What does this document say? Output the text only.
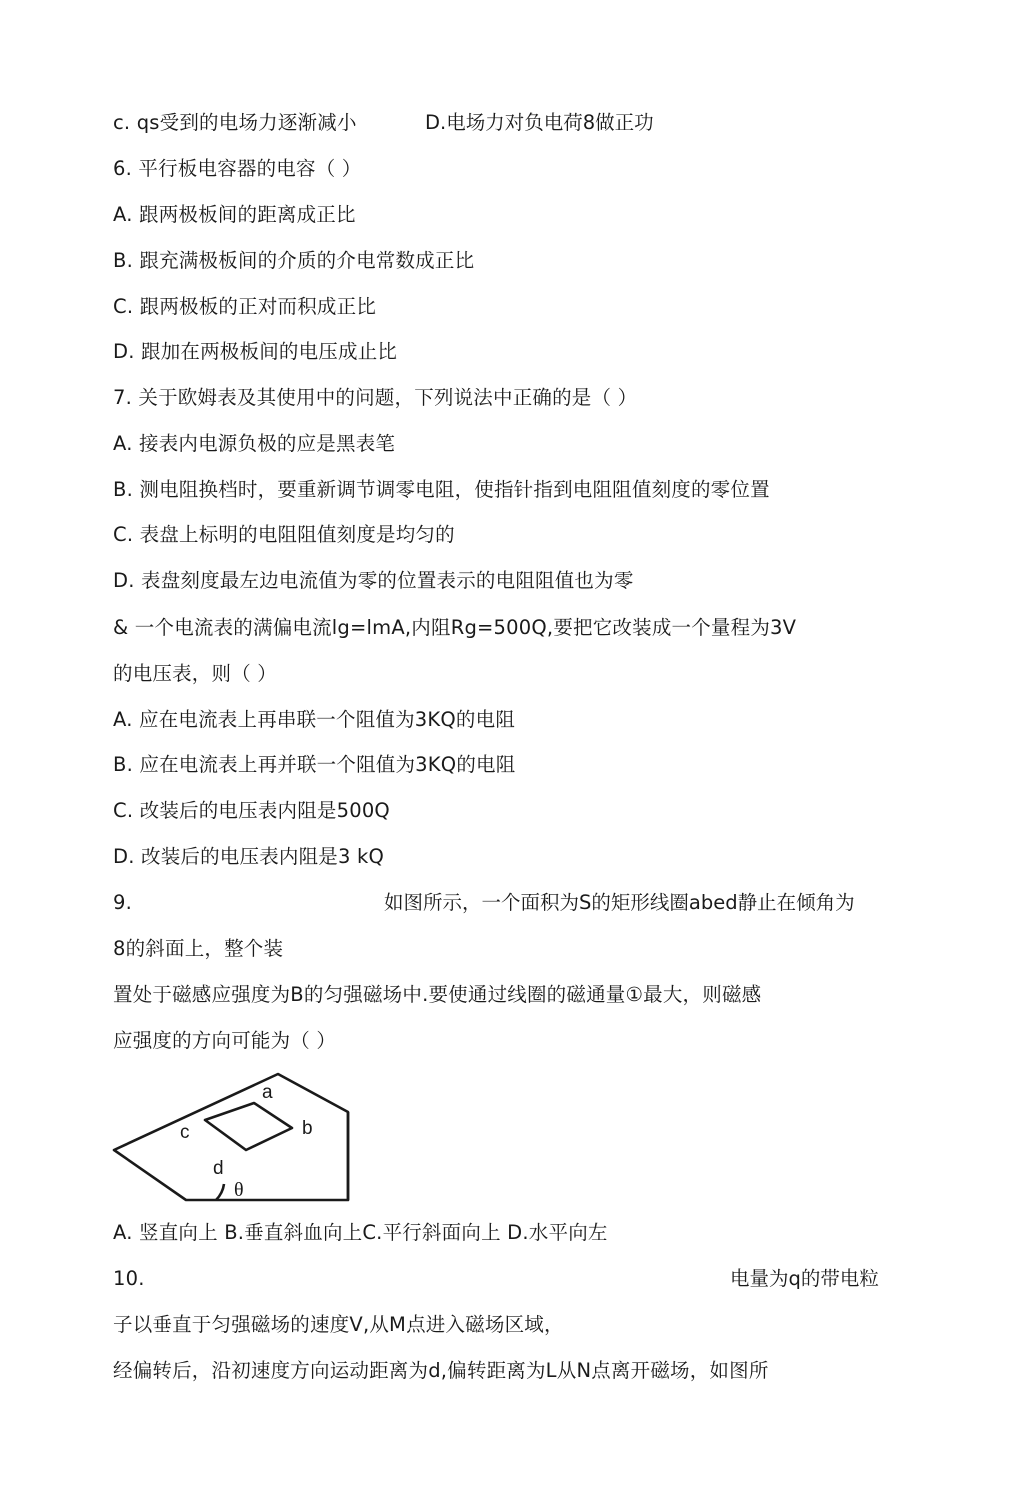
c. qs受到的电场力逐渐减小	D.电场力对负电荷8做正功
6. 平行板电容器的电容（ ）
A. 跟两极板间的距离成正比
B. 跟充满极板间的介质的介电常数成正比
C. 跟两极板的正对而积成正比
D. 跟加在两极板间的电压成止比
7. 关于欧姆表及其使用中的问题，下列说法中正确的是（ ）
A. 接表内电源负极的应是黑表笔
B. 测电阻换档时，要重新调节调零电阻，使指针指到电阻阻值刻度的零位置
C. 表盘上标明的电阻阻值刻度是均匀的
D. 表盘刻度最左边电流值为零的位置表示的电阻阻值也为零
& 一个电流表的满偏电流lg=lmA,内阻Rg=500Q,要把它改装成一个量程为3V
的电压表，则（ ）
A. 应在电流表上再串联一个阻值为3KQ的电阻
B. 应在电流表上再并联一个阻值为3KQ的电阻
C. 改装后的电压表内阻是500Q
D. 改装后的电压表内阻是3 kQ
9.	如图所示，一个面积为S的矩形线圈abed静止在倾角为
8的斜面上，整个装
置处于磁感应强度为B的匀强磁场中.要使通过线圈的磁通量①最大，则磁感
应强度的方向可能为（ ）
a
b
c
d
θ
A. 竖直向上 B.垂直斜血向上C.平行斜面向上 D.水平向左
10.	电量为q的带电粒
子以垂直于匀强磁场的速度V,从M点进入磁场区域，
经偏转后，沿初速度方向运动距离为d,偏转距离为L从N点离开磁场，如图所
